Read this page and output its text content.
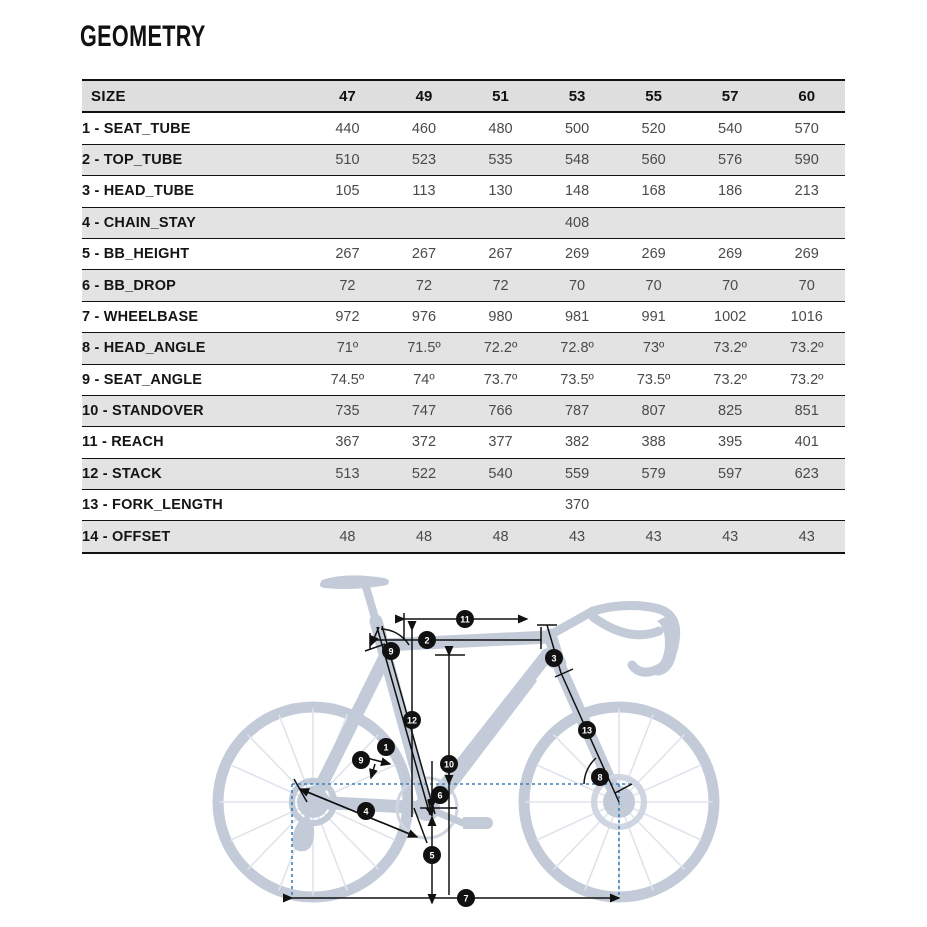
GEOMETRY
SIZE	47	49	51	53	55	57	60
1 - SEAT_TUBE	440	460	480	500	520	540	570
2 - TOP_TUBE	510	523	535	548	560	576	590
3 - HEAD_TUBE	105	113	130	148	168	186	213
4 - CHAIN_STAY				408			
5 - BB_HEIGHT	267	267	267	269	269	269	269
6 - BB_DROP	72	72	72	70	70	70	70
7 - WHEELBASE	972	976	980	981	991	1002	1016
8 - HEAD_ANGLE	71º	71.5º	72.2º	72.8º	73º	73.2º	73.2º
9 - SEAT_ANGLE	74.5º	74º	73.7º	73.5º	73.5º	73.2º	73.2º
10 - STANDOVER	735	747	766	787	807	825	851
11 - REACH	367	372	377	382	388	395	401
12 - STACK	513	522	540	559	579	597	623
13 - FORK_LENGTH				370			
14 - OFFSET	48	48	48	43	43	43	43
1
2
3
4
5
6
7
8
9
9	10
11
12
13
